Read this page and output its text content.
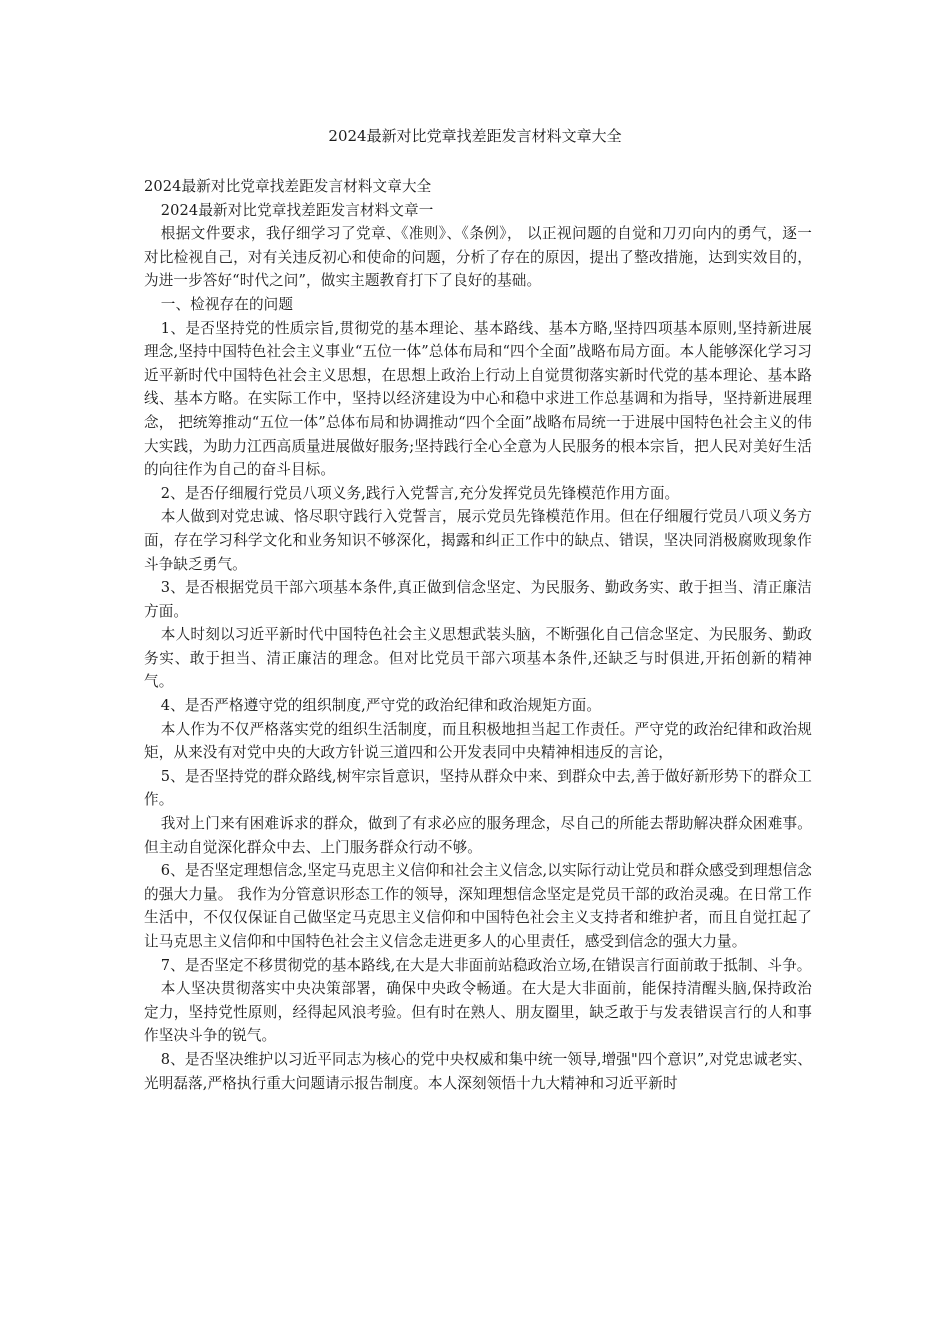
2024最新对比党章找差距发言材料文章大全

2024最新对比党章找差距发言材料文章大全

2024最新对比党章找差距发言材料文章一

根据文件要求，我仔细学习了党章、《准则》、《条例》， 以正视问题的自觉和刀刃向内的勇气，逐一对比检视自己，对有关违反初心和使命的问题，分析了存在的原因，提出了整改措施，达到实效目的，为进一步答好“时代之问”，做实主题教育打下了良好的基础。

一、检视存在的问题

1、是否坚持党的性质宗旨,贯彻党的基本理论、基本路线、基本方略,坚持四项基本原则,坚持新进展理念,坚持中国特色社会主义事业“五位一体”总体布局和“四个全面”战略布局方面。本人能够深化学习习近平新时代中国特色社会主义思想，在思想上政治上行动上自觉贯彻落实新时代党的基本理论、基本路线、基本方略。在实际工作中，坚持以经济建设为中心和稳中求进工作总基调和为指导，坚持新进展理念， 把统筹推动“五位一体”总体布局和协调推动“四个全面”战略布局统一于进展中国特色社会主义的伟大实践，为助力江西高质量进展做好服务;坚持践行全心全意为人民服务的根本宗旨，把人民对美好生活的向往作为自己的奋斗目标。

2、是否仔细履行党员八项义务,践行入党誓言,充分发挥党员先锋模范作用方面。

本人做到对党忠诚、恪尽职守践行入党誓言，展示党员先锋模范作用。但在仔细履行党员八项义务方面，存在学习科学文化和业务知识不够深化，揭露和纠正工作中的缺点、错误，坚决同消极腐败现象作斗争缺乏勇气。

3、是否根据党员干部六项基本条件,真正做到信念坚定、为民服务、勤政务实、敢于担当、清正廉洁方面。

本人时刻以习近平新时代中国特色社会主义思想武装头脑，不断强化自己信念坚定、为民服务、勤政务实、敢于担当、清正廉洁的理念。但对比党员干部六项基本条件,还缺乏与时俱进,开拓创新的精神气。

4、是否严格遵守党的组织制度,严守党的政治纪律和政治规矩方面。

本人作为不仅严格落实党的组织生活制度，而且积极地担当起工作责任。严守党的政治纪律和政治规矩，从来没有对党中央的大政方针说三道四和公开发表同中央精神相违反的言论，

5、是否坚持党的群众路线,树牢宗旨意识，坚持从群众中来、到群众中去,善于做好新形势下的群众工作。

我对上门来有困难诉求的群众，做到了有求必应的服务理念，尽自己的所能去帮助解决群众困难事。但主动自觉深化群众中去、上门服务群众行动不够。

6、是否坚定理想信念,坚定马克思主义信仰和社会主义信念,以实际行动让党员和群众感受到理想信念的强大力量。 我作为分管意识形态工作的领导，深知理想信念坚定是党员干部的政治灵魂。在日常工作生活中，不仅仅保证自己做坚定马克思主义信仰和中国特色社会主义支持者和维护者，而且自觉扛起了让马克思主义信仰和中国特色社会主义信念走进更多人的心里责任，感受到信念的强大力量。

7、是否坚定不移贯彻党的基本路线,在大是大非面前站稳政治立场,在错误言行面前敢于抵制、斗争。

本人坚决贯彻落实中央决策部署，确保中央政令畅通。在大是大非面前，能保持清醒头脑,保持政治定力，坚持党性原则，经得起风浪考验。但有时在熟人、朋友圈里，缺乏敢于与发表错误言行的人和事作坚决斗争的锐气。

8、是否坚决维护以习近平同志为核心的党中央权威和集中统一领导,增强"四个意识”,对党忠诚老实、光明磊落,严格执行重大问题请示报告制度。本人深刻领悟十九大精神和习近平新时
